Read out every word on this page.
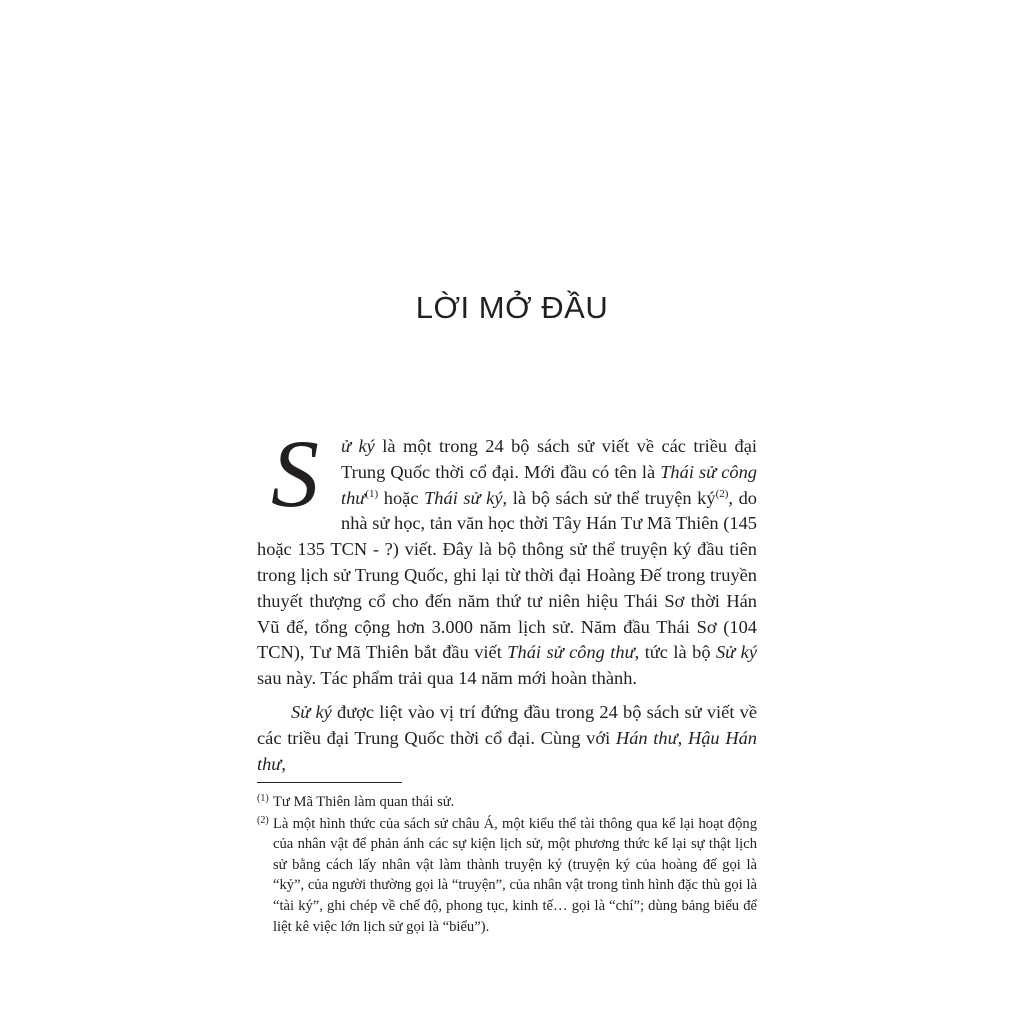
LỜI MỞ ĐẦU

S	ử ký là một trong 24 bộ sách sử viết về các triều đại Trung Quốc thời cổ đại. Mới đầu có tên là Thái sử công thư$^{(1)}$ hoặc Thái sử ký, là bộ sách sử thể truyện $ký^{(2)}$, do nhà sử học, tản văn học thời Tây Hán Tư Mã Thiên (145 hoặc 135 TCN - ?) viết. Đây là bộ thông sử thể truyện ký đầu tiên trong lịch sử Trung Quốc, ghi lại từ thời đại Hoàng Đế trong truyền thuyết thượng cổ cho đến năm thứ tư niên hiệu Thái Sơ thời Hán Vũ đế, tổng cộng hơn 3.000 năm lịch sử. Năm đầu Thái Sơ (104 TCN), Tư Mã Thiên bắt đầu viết Thái sử công thư, tức là bộ Sử ký sau này. Tác phẩm trải qua 14 năm mới hoàn thành.

Sử ký được liệt vào vị trí đứng đầu trong 24 bộ sách sử viết về các triều đại Trung Quốc thời cổ đại. Cùng với Hán thư, Hậu Hán thư,

(1) Tư Mã Thiên làm quan thái sử.
(2) Là một hình thức của sách sử châu Á, một kiểu thể tài thông qua kể lại hoạt động của nhân vật để phản ánh các sự kiện lịch sử, một phương thức kể lại sự thật lịch sử bằng cách lấy nhân vật làm thành truyện ký (truyện ký của hoàng đế gọi là “kỷ”, của người thường gọi là “truyện”, của nhân vật trong tình hình đặc thù gọi là “tài ký”, ghi chép về chế độ, phong tục, kinh tế… gọi là “chí”; dùng bảng biểu để liệt kê việc lớn lịch sử gọi là “biểu”).
